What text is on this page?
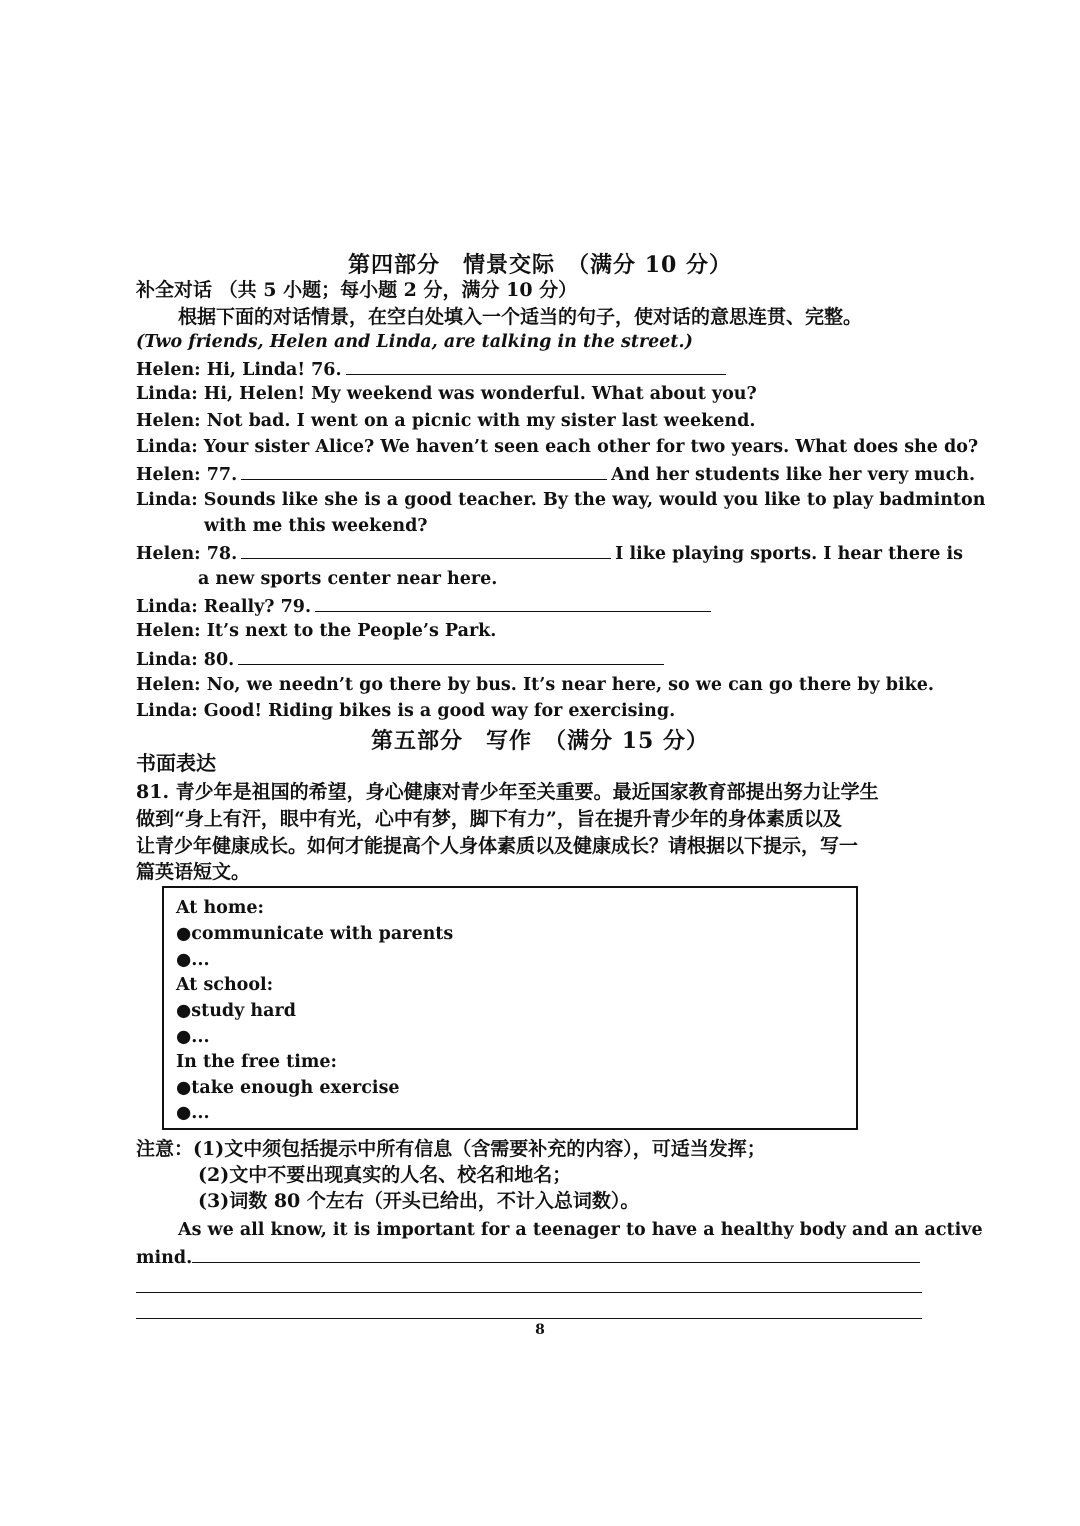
第四部分　情景交际　（满分 10 分）
补全对话 （共 5 小题；每小题 2 分，满分 10 分）
根据下面的对话情景，在空白处填入一个适当的句子，使对话的意思连贯、完整。
(Two friends, Helen and Linda, are talking in the street.)
Helen: Hi, Linda! 76.
Linda: Hi, Helen! My weekend was wonderful. What about you?
Helen: Not bad. I went on a picnic with my sister last weekend.
Linda: Your sister Alice? We haven’t seen each other for two years. What does she do?
Helen: 77.	And her students like her very much.
Linda: Sounds like she is a good teacher. By the way, would you like to play badminton
with me this weekend?
Helen: 78.	I like playing sports. I hear there is
a new sports center near here.
Linda: Really? 79.
Helen: It’s next to the People’s Park.
Linda: 80.
Helen: No, we needn’t go there by bus. It’s near here, so we can go there by bike.
Linda: Good! Riding bikes is a good way for exercising.
第五部分　写作　（满分 15 分）
书面表达
81. 青少年是祖国的希望，身心健康对青少年至关重要。最近国家教育部提出努力让学生
做到“身上有汗，眼中有光，心中有梦，脚下有力”，旨在提升青少年的身体素质以及
让青少年健康成长。如何才能提高个人身体素质以及健康成长？请根据以下提示，写一
篇英语短文。
At home:
●communicate with parents
●...
At school:
●study hard
●...
In the free time:
●take enough exercise
●...
注意：(1)文中须包括提示中所有信息（含需要补充的内容），可适当发挥；
(2)文中不要出现真实的人名、校名和地名；
(3)词数 80 个左右（开头已给出，不计入总词数）。
As we all know, it is important for a teenager to have a healthy body and an active
mind.
8
